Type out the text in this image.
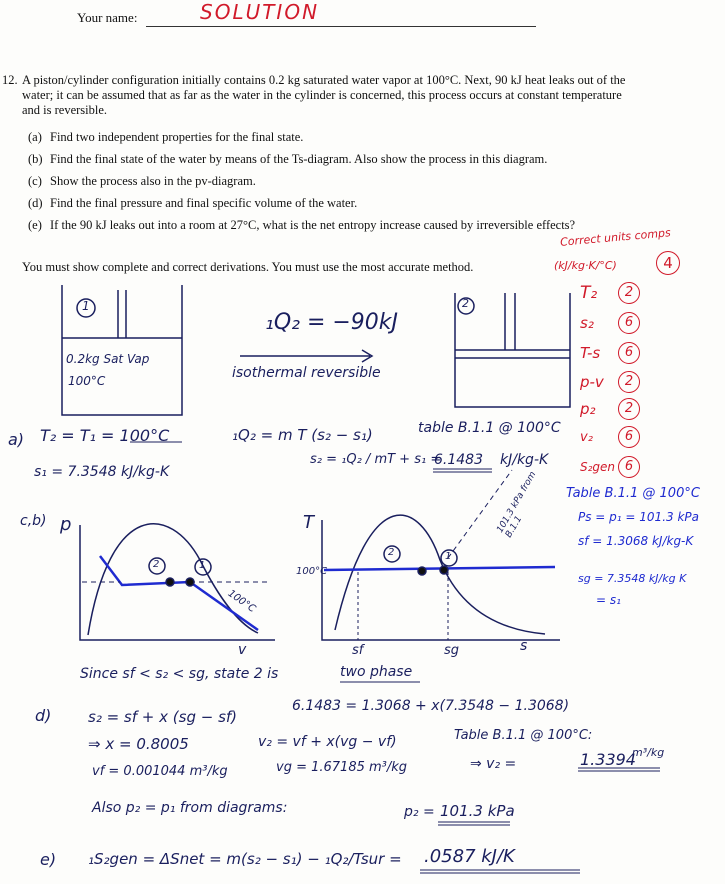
Your name:	SOLUTION
12. A piston/cylinder configuration initially contains 0.2 kg saturated water vapor at 100°C. Next, 90 kJ heat leaks out of the water; it can be assumed that as far as the water in the cylinder is concerned, this process occurs at constant temperature and is reversible.
(a) Find two independent properties for the final state.
(b) Find the final state of the water by means of the Ts-diagram. Also show the process in this diagram.
(c) Show the process also in the pv-diagram.
(d) Find the final pressure and final specific volume of the water.
(e) If the 90 kJ leaks out into a room at 27°C, what is the net entropy increase caused by irreversible effects?
You must show complete and correct derivations. You must use the most accurate method.
Correct units comps
(kJ/kg·K/°C)	4
T₂	2
s₂	6
T-s	6
p-v	2
p₂	2
v₂	6
S₂gen 6
1
0.2kg Sat Vap
100°C
2
₁Q₂ = −90kJ
isothermal reversible
a) T₂ = T₁ = 100°C
s₁ = 7.3548 kJ/kg-K
₁Q₂ = m T (s₂ − s₁)	table B.1.1 @ 100°C
s₂ = ₁Q₂ / mT + s₁ =
6.1483 kJ/kg-K
c,b) p
v
100°C
2	1
T
s
100°C
101.3 kPa from B.1.1
sf	sg
2	1
Table B.1.1 @ 100°C
Ps = p₁ = 101.3 kPa
sf = 1.3068 kJ/kg-K
sg = 7.3548 kJ/kg K
= s₁
Since sf < s₂ < sg, state 2 is	two phase
d) s₂ = sf + x (sg − sf)
6.1483 = 1.3068 + x(7.3548 − 1.3068)
⇒ x = 0.8005	v₂ = vf + x(vg − vf)	Table B.1.1 @ 100°C:
vf = 0.001044 m³/kg	vg = 1.67185 m³/kg	⇒ v₂ =	1.3394
m³/kg
Also p₂ = p₁ from diagrams:	p₂ = 101.3 kPa
e) ₁S₂gen = ΔSnet = m(s₂ − s₁) − ₁Q₂/Tsur = .0587 kJ/K
